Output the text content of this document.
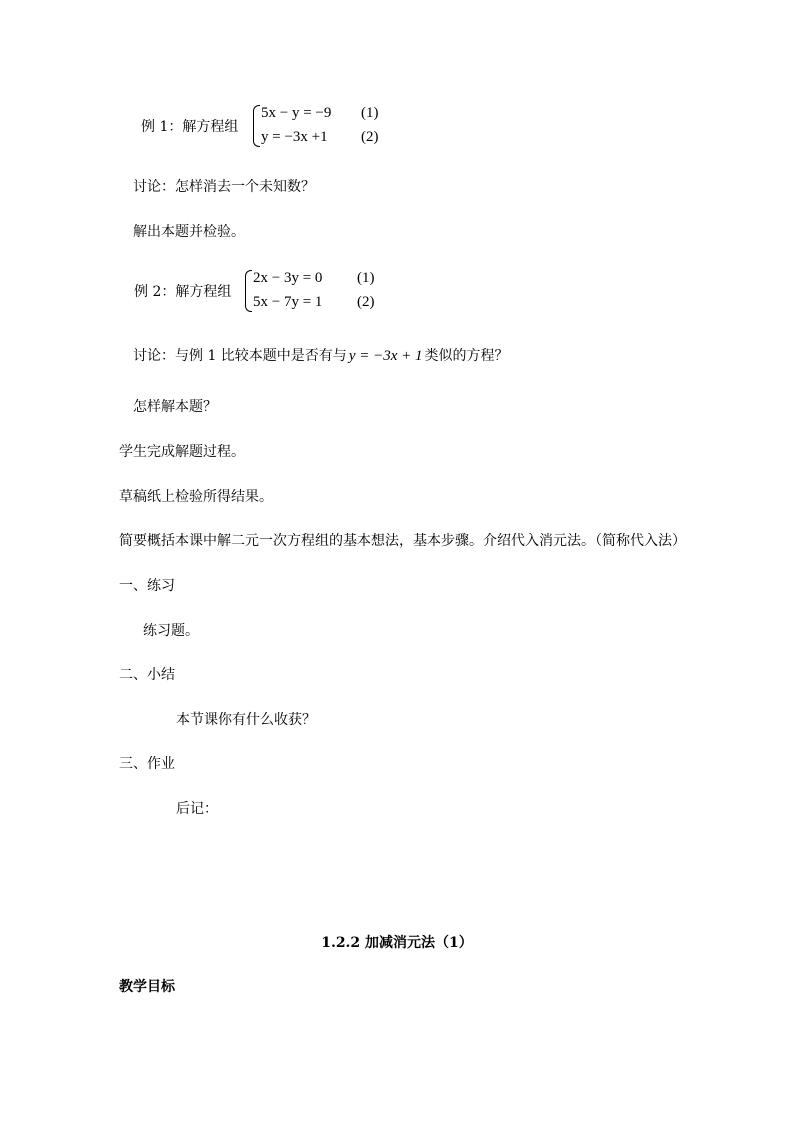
例 1：解方程组
5x − y = −9 (1)
y = −3x +1 (2)
讨论：怎样消去一个未知数？
解出本题并检验。
例 2：解方程组
2x − 3y = 0 (1)
5x − 7y = 1 (2)
讨论：与例 1 比较本题中是否有与 y = −3x + 1 类似的方程？
怎样解本题？
学生完成解题过程。
草稿纸上检验所得结果。
简要概括本课中解二元一次方程组的基本想法，基本步骤。介绍代入消元法。（简称代入法）
一、练习
练习题。
二、小结
本节课你有什么收获？
三、作业
后记：
1.2.2 加减消元法（1）
教学目标
